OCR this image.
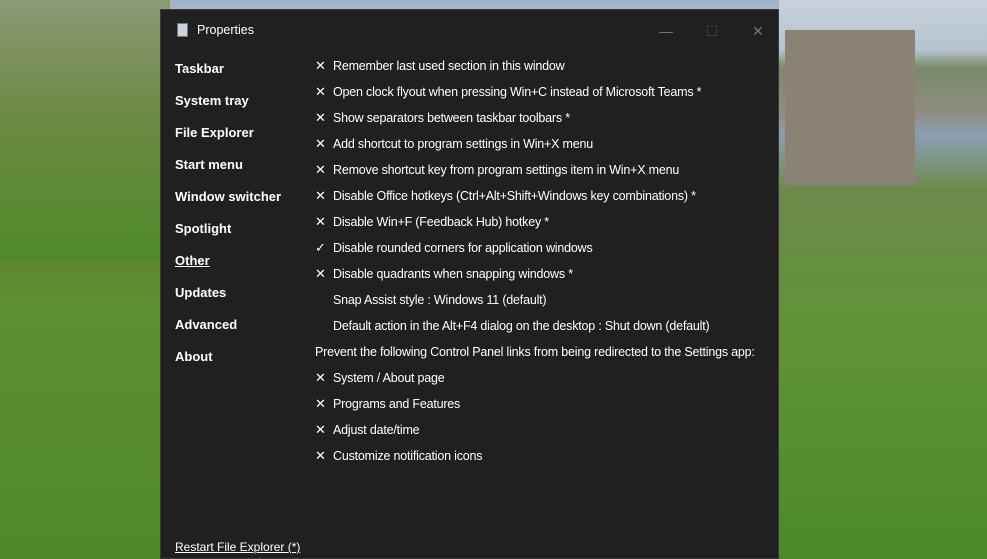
Properties	—	☐	✕
Taskbar
System tray
File Explorer
Start menu
Window switcher
Spotlight
Other
Updates
Advanced
About
✕ Remember last used section in this window
✕ Open clock flyout when pressing Win+C instead of Microsoft Teams *
✕ Show separators between taskbar toolbars *
✕ Add shortcut to program settings in Win+X menu
✕ Remove shortcut key from program settings item in Win+X menu
✕ Disable Office hotkeys (Ctrl+Alt+Shift+Windows key combinations) *
✕ Disable Win+F (Feedback Hub) hotkey *
✓ Disable rounded corners for application windows
✕ Disable quadrants when snapping windows *
Snap Assist style : Windows 11 (default)
Default action in the Alt+F4 dialog on the desktop : Shut down (default)
Prevent the following Control Panel links from being redirected to the Settings app:
✕ System / About page
✕ Programs and Features
✕ Adjust date/time
✕ Customize notification icons
Restart File Explorer (*)
